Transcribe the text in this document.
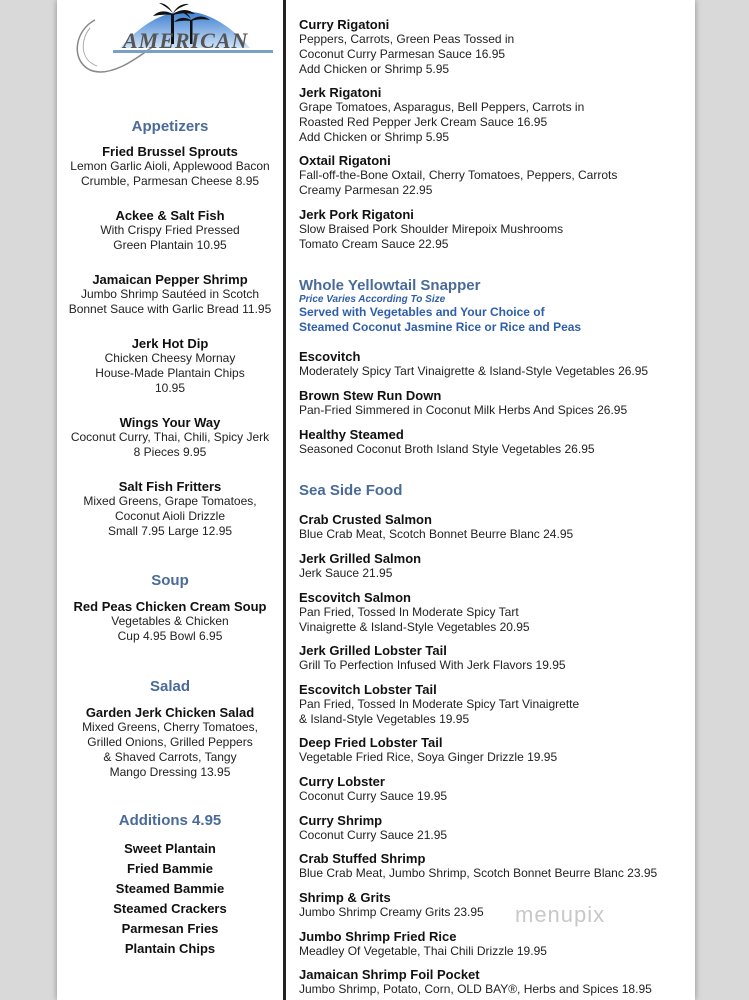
AMERICAN
Appetizers
Fried Brussel Sprouts
Lemon Garlic Aioli, Applewood Bacon
Crumble, Parmesan Cheese 8.95
Ackee & Salt Fish
With Crispy Fried Pressed
Green Plantain 10.95
Jamaican Pepper Shrimp
Jumbo Shrimp Sautéed in Scotch
Bonnet Sauce with Garlic Bread 11.95
Jerk Hot Dip
Chicken Cheesy Mornay
House-Made Plantain Chips
10.95
Wings Your Way
Coconut Curry, Thai, Chili, Spicy Jerk
8 Pieces 9.95
Salt Fish Fritters
Mixed Greens, Grape Tomatoes,
Coconut Aioli Drizzle
Small 7.95 Large 12.95
Soup
Red Peas Chicken Cream Soup
Vegetables & Chicken
Cup 4.95 Bowl 6.95
Salad
Garden Jerk Chicken Salad
Mixed Greens, Cherry Tomatoes,
Grilled Onions, Grilled Peppers
& Shaved Carrots, Tangy
Mango Dressing 13.95
Additions 4.95
Sweet Plantain
Fried Bammie
Steamed Bammie
Steamed Crackers
Parmesan Fries
Plantain Chips
Curry Rigatoni
Peppers, Carrots, Green Peas Tossed in
Coconut Curry Parmesan Sauce 16.95
Add Chicken or Shrimp 5.95
Jerk Rigatoni
Grape Tomatoes, Asparagus, Bell Peppers, Carrots in
Roasted Red Pepper Jerk Cream Sauce 16.95
Add Chicken or Shrimp 5.95
Oxtail Rigatoni
Fall-off-the-Bone Oxtail, Cherry Tomatoes, Peppers, Carrots
Creamy Parmesan 22.95
Jerk Pork Rigatoni
Slow Braised Pork Shoulder Mirepoix Mushrooms
Tomato Cream Sauce 22.95
Whole Yellowtail Snapper
Price Varies According To Size
Served with Vegetables and Your Choice of
Steamed Coconut Jasmine Rice or Rice and Peas
Escovitch
Moderately Spicy Tart Vinaigrette & Island-Style Vegetables 26.95
Brown Stew Run Down
Pan-Fried Simmered in Coconut Milk Herbs And Spices 26.95
Healthy Steamed
Seasoned Coconut Broth Island Style Vegetables 26.95
Sea Side Food
Crab Crusted Salmon
Blue Crab Meat, Scotch Bonnet Beurre Blanc 24.95
Jerk Grilled Salmon
Jerk Sauce 21.95
Escovitch Salmon
Pan Fried, Tossed In Moderate Spicy Tart
Vinaigrette & Island-Style Vegetables 20.95
Jerk Grilled Lobster Tail
Grill To Perfection Infused With Jerk Flavors 19.95
Escovitch Lobster Tail
Pan Fried, Tossed In Moderate Spicy Tart Vinaigrette
& Island-Style Vegetables 19.95
Deep Fried Lobster Tail
Vegetable Fried Rice, Soya Ginger Drizzle 19.95
Curry Lobster
Coconut Curry Sauce 19.95
Curry Shrimp
Coconut Curry Sauce 21.95
Crab Stuffed Shrimp
Blue Crab Meat, Jumbo Shrimp, Scotch Bonnet Beurre Blanc 23.95
Shrimp & Grits
Jumbo Shrimp Creamy Grits 23.95
Jumbo Shrimp Fried Rice
Meadley Of Vegetable, Thai Chili Drizzle 19.95
Jamaican Shrimp Foil Pocket
Jumbo Shrimp, Potato, Corn, OLD BAY®, Herbs and Spices 18.95
menupix
